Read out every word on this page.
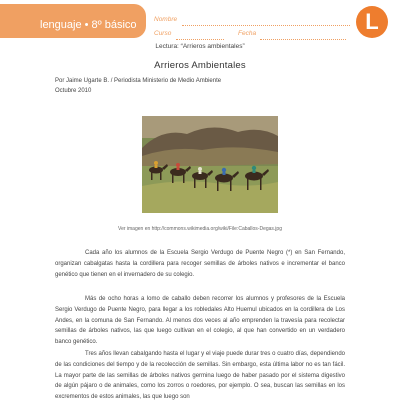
lenguaje • 8º básico	Nombre
Curso	Fecha	L
Lectura: “Arrieros ambientales”
Arrieros Ambientales
Por Jaime Ugarte B. / Periodista Ministerio de Medio Ambiente
Octubre 2010
Ver imagen en http://commons.wikimedia.org/wiki/File:Caballos-Degas.jpg
Cada año los alumnos de la Escuela Sergio Verdugo de Puente Negro (*) en San Fernando, organizan cabalgatas hasta la cordillera para recoger semillas de árboles nativos e incrementar el banco genético que tienen en el invernadero de su colegio.
Más de ocho horas a lomo de caballo deben recorrer los alumnos y profesores de la Escuela Sergio Verdugo de Puente Negro, para llegar a los robledales Alto Huemul ubicados en la cordillera de Los Andes, en la comuna de San Fernando. Al menos dos veces al año emprenden la travesía para recolectar semillas de árboles nativos, las que luego cultivan en el colegio, al que han convertido en un verdadero banco genético.
Tres años llevan cabalgando hasta el lugar y el viaje puede durar tres o cuatro días, dependiendo de las condiciones del tiempo y de la recolección de semillas. Sin embargo, esta última labor no es tan fácil. La mayor parte de las semillas de árboles nativos germina luego de haber pasado por el sistema digestivo de algún pájaro o de animales, como los zorros o roedores, por ejemplo. O sea, buscan las semillas en los excrementos de estos animales, las que luego son
